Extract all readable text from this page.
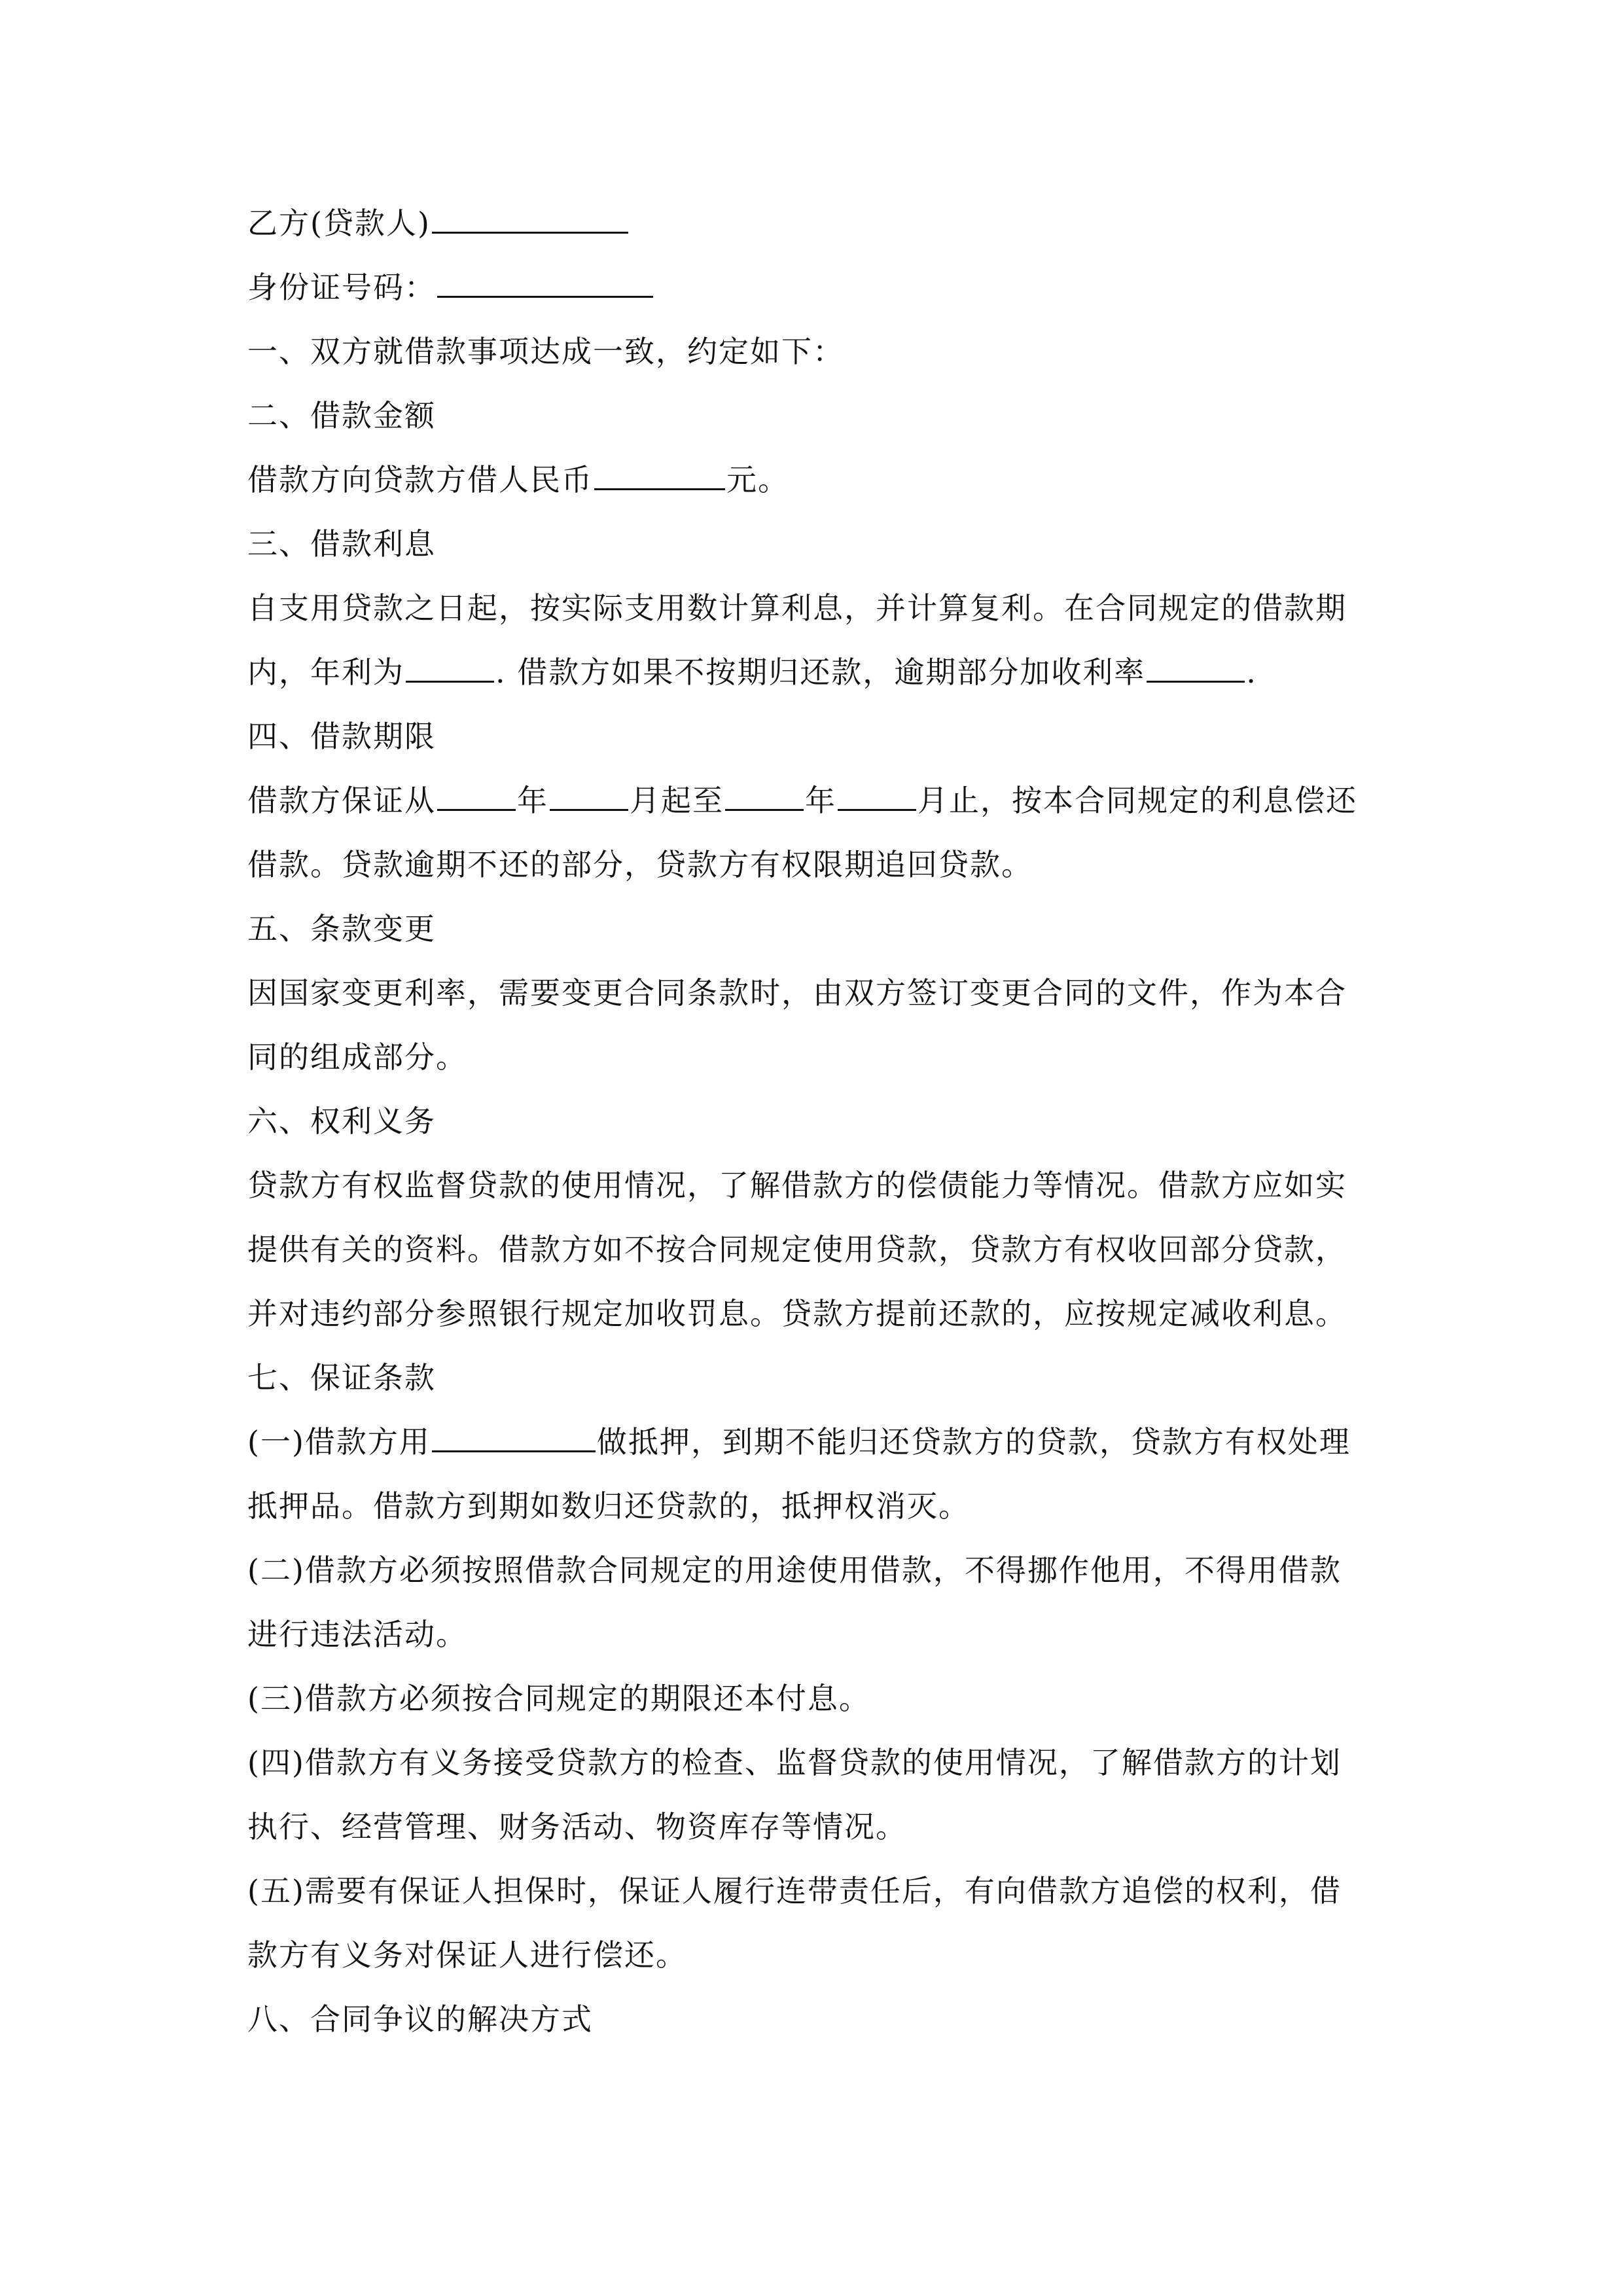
乙方(贷款人)
身份证号码：
一、双方就借款事项达成一致，约定如下：
二、借款金额
借款方向贷款方借人民币	元。
三、借款利息
自支用贷款之日起，按实际支用数计算利息，并计算复利。在合同规定的借款期
内，年利为	. 借款方如果不按期归还款，逾期部分加收利率	.
四、借款期限
借款方保证从	年	月起至	年	月止，按本合同规定的利息偿还
借款。贷款逾期不还的部分，贷款方有权限期追回贷款。
五、条款变更
因国家变更利率，需要变更合同条款时，由双方签订变更合同的文件，作为本合
同的组成部分。
六、权利义务
贷款方有权监督贷款的使用情况，了解借款方的偿债能力等情况。借款方应如实
提供有关的资料。借款方如不按合同规定使用贷款，贷款方有权收回部分贷款，
并对违约部分参照银行规定加收罚息。贷款方提前还款的，应按规定减收利息。
七、保证条款
(一)借款方用	做抵押，到期不能归还贷款方的贷款，贷款方有权处理
抵押品。借款方到期如数归还贷款的，抵押权消灭。
(二)借款方必须按照借款合同规定的用途使用借款，不得挪作他用，不得用借款
进行违法活动。
(三)借款方必须按合同规定的期限还本付息。
(四)借款方有义务接受贷款方的检查、监督贷款的使用情况，了解借款方的计划
执行、经营管理、财务活动、物资库存等情况。
(五)需要有保证人担保时，保证人履行连带责任后，有向借款方追偿的权利，借
款方有义务对保证人进行偿还。
八、合同争议的解决方式
